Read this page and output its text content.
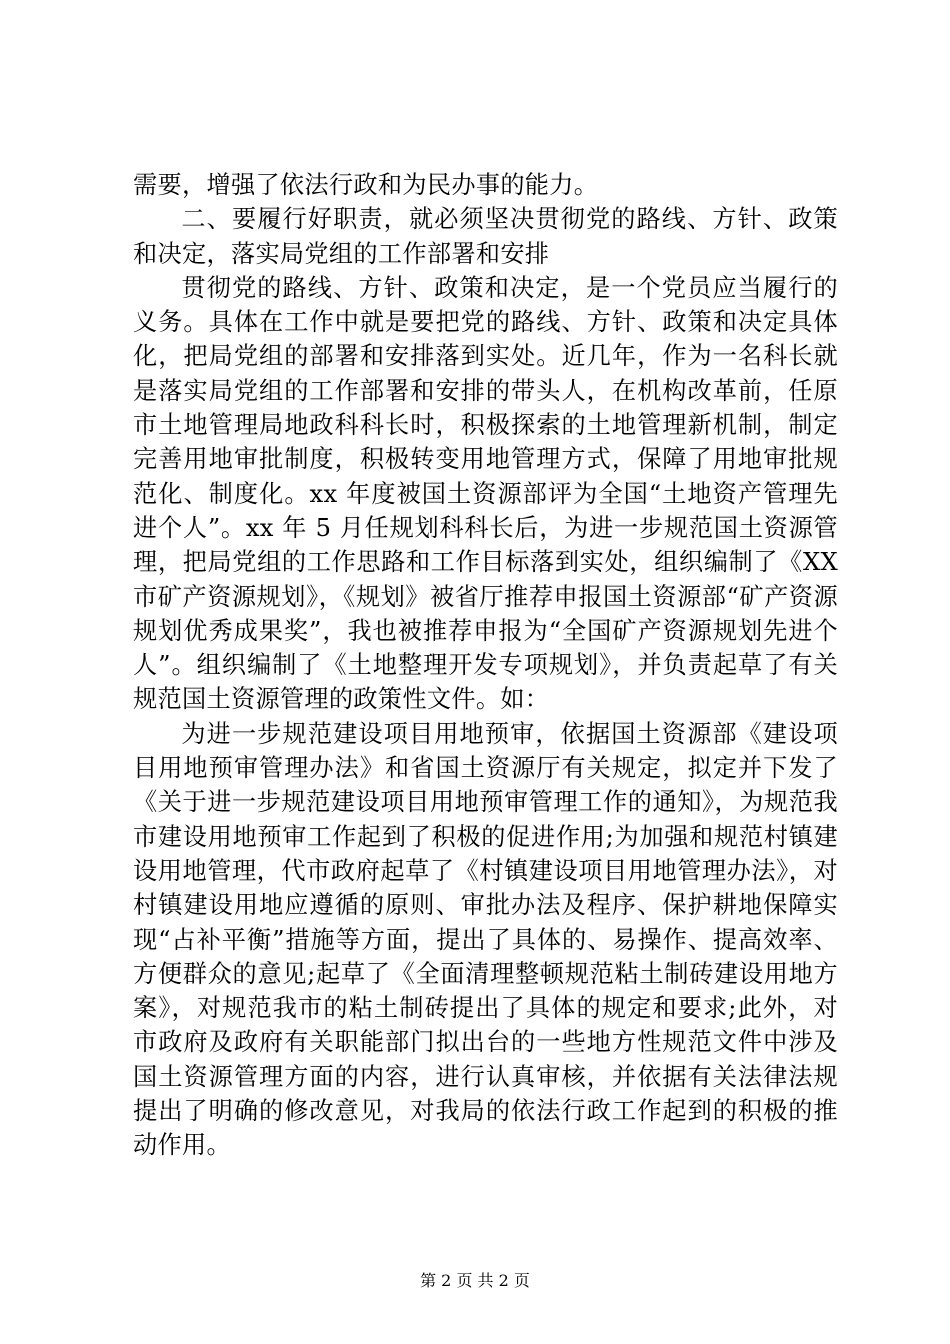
需要，增强了依法行政和为民办事的能力。

二、要履行好职责，就必须坚决贯彻党的路线、方针、政策和决定，落实局党组的工作部署和安排

贯彻党的路线、方针、政策和决定，是一个党员应当履行的义务。具体在工作中就是要把党的路线、方针、政策和决定具体化，把局党组的部署和安排落到实处。近几年，作为一名科长就是落实局党组的工作部署和安排的带头人，在机构改革前，任原市土地管理局地政科科长时，积极探索的土地管理新机制，制定完善用地审批制度，积极转变用地管理方式，保障了用地审批规范化、制度化。xx 年度被国土资源部评为全国“土地资产管理先进个人”。xx 年 5 月任规划科科长后，为进一步规范国土资源管理，把局党组的工作思路和工作目标落到实处，组织编制了《XX 市矿产资源规划》，《规划》被省厅推荐申报国土资源部“矿产资源规划优秀成果奖”，我也被推荐申报为“全国矿产资源规划先进个人”。组织编制了《土地整理开发专项规划》，并负责起草了有关规范国土资源管理的政策性文件。如：

为进一步规范建设项目用地预审，依据国土资源部《建设项目用地预审管理办法》和省国土资源厅有关规定，拟定并下发了《关于进一步规范建设项目用地预审管理工作的通知》，为规范我市建设用地预审工作起到了积极的促进作用;为加强和规范村镇建设用地管理，代市政府起草了《村镇建设项目用地管理办法》，对村镇建设用地应遵循的原则、审批办法及程序、保护耕地保障实现“占补平衡”措施等方面，提出了具体的、易操作、提高效率、方便群众的意见;起草了《全面清理整顿规范粘土制砖建设用地方案》，对规范我市的粘土制砖提出了具体的规定和要求;此外，对市政府及政府有关职能部门拟出台的一些地方性规范文件中涉及国土资源管理方面的内容，进行认真审核，并依据有关法律法规提出了明确的修改意见，对我局的依法行政工作起到的积极的推动作用。

第 2 页 共 2 页
